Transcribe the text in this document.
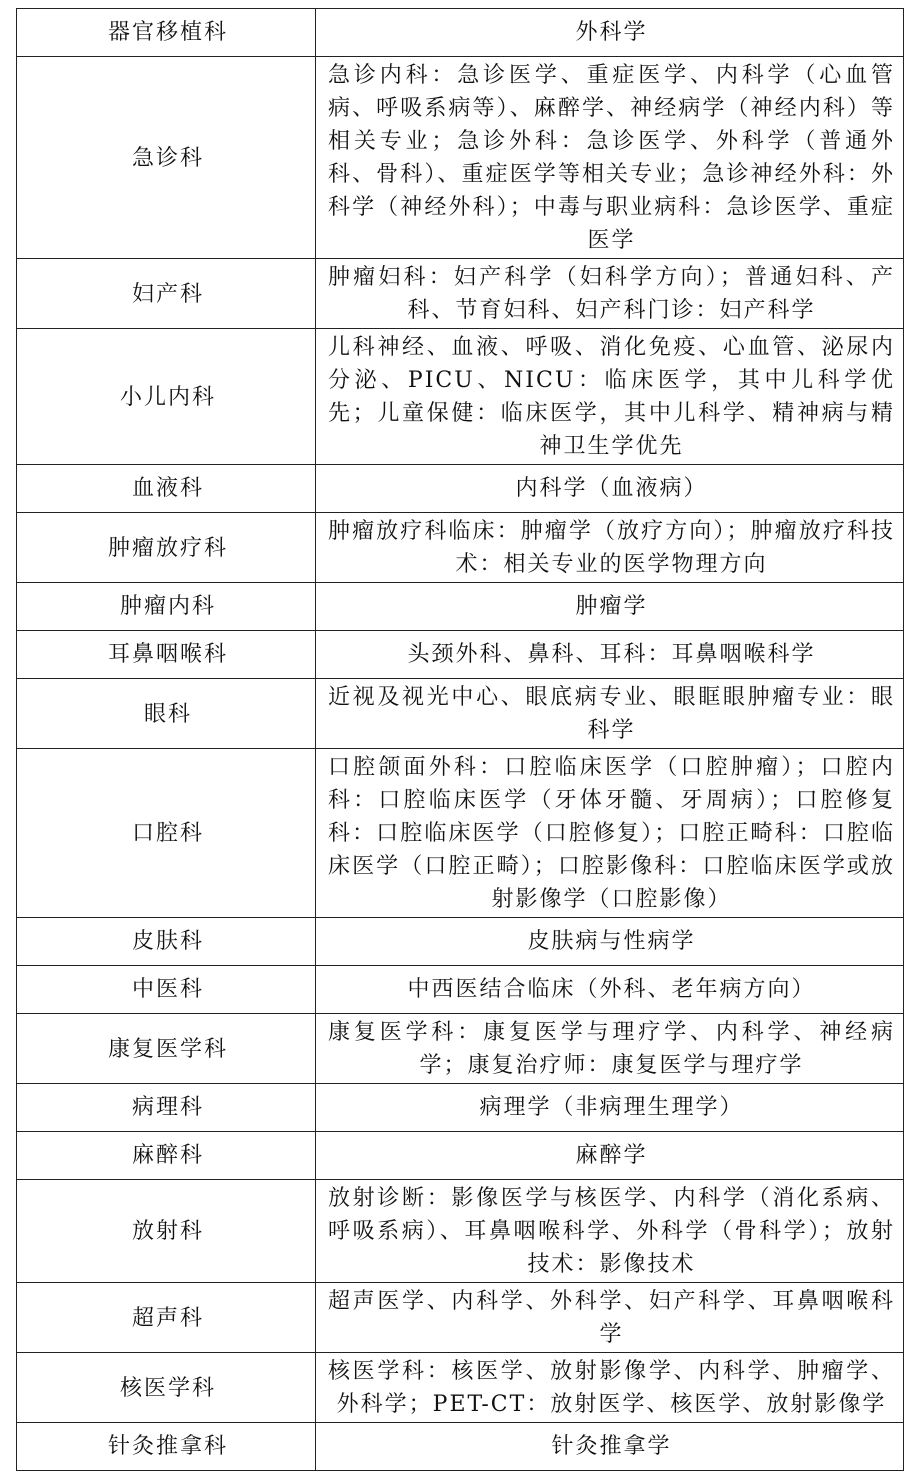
器官移植科	外科学
急诊科	急诊内科：急诊医学、重症医学、内科学（心血管病、呼吸系病等）、麻醉学、神经病学（神经内科）等相关专业；急诊外科：急诊医学、外科学（普通外科、骨科）、重症医学等相关专业；急诊神经外科：外科学（神经外科）；中毒与职业病科：急诊医学、重症医学
妇产科	肿瘤妇科：妇产科学（妇科学方向）；普通妇科、产科、节育妇科、妇产科门诊：妇产科学
小儿内科	儿科神经、血液、呼吸、消化免疫、心血管、泌尿内分泌、PICU、NICU：临床医学，其中儿科学优先；儿童保健：临床医学，其中儿科学、精神病与精神卫生学优先
血液科	内科学（血液病）
肿瘤放疗科	肿瘤放疗科临床：肿瘤学（放疗方向）；肿瘤放疗科技术：相关专业的医学物理方向
肿瘤内科	肿瘤学
耳鼻咽喉科	头颈外科、鼻科、耳科：耳鼻咽喉科学
眼科	近视及视光中心、眼底病专业、眼眶眼肿瘤专业：眼科学
口腔科	口腔颌面外科：口腔临床医学（口腔肿瘤）；口腔内科：口腔临床医学（牙体牙髓、牙周病）；口腔修复科：口腔临床医学（口腔修复）；口腔正畸科：口腔临床医学（口腔正畸）；口腔影像科：口腔临床医学或放射影像学（口腔影像）
皮肤科	皮肤病与性病学
中医科	中西医结合临床（外科、老年病方向）
康复医学科	康复医学科：康复医学与理疗学、内科学、神经病学；康复治疗师：康复医学与理疗学
病理科	病理学（非病理生理学）
麻醉科	麻醉学
放射科	放射诊断：影像医学与核医学、内科学（消化系病、呼吸系病）、耳鼻咽喉科学、外科学（骨科学）；放射技术：影像技术
超声科	超声医学、内科学、外科学、妇产科学、耳鼻咽喉科学
核医学科	核医学科：核医学、放射影像学、内科学、肿瘤学、外科学；PET-CT：放射医学、核医学、放射影像学
针灸推拿科	针灸推拿学
